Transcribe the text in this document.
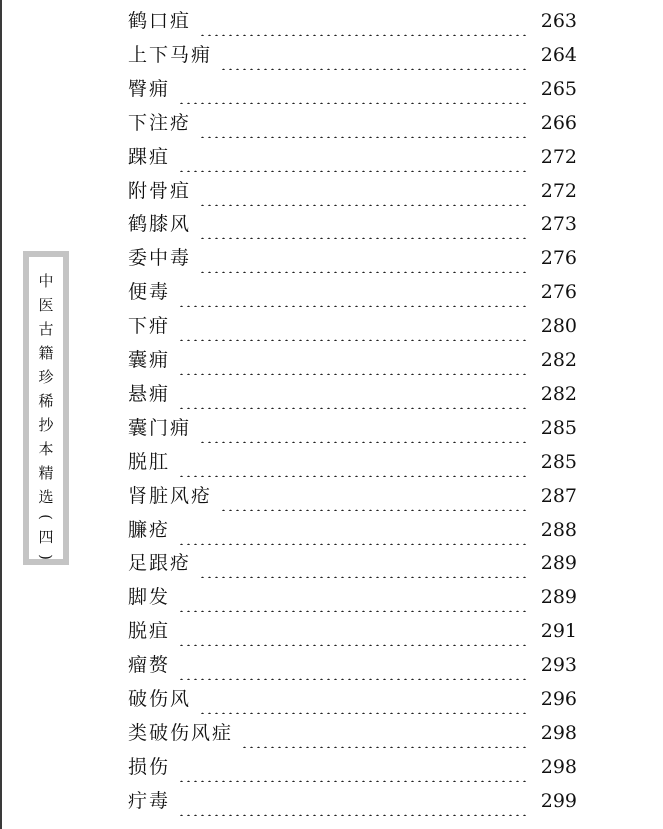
中
医
古
籍
珍
稀
抄
本
精
选
(
四
)
鹤口疽	263
上下马痈	264
臀痈	265
下注疮	266
踝疽	272
附骨疽	272
鹤膝风	273
委中毒	276
便毒	276
下疳	280
囊痈	282
悬痈	282
囊门痈	285
脱肛	285
肾脏风疮	287
臁疮	288
足跟疮	289
脚发	289
脱疽	291
瘤赘	293
破伤风	296
类破伤风症	298
损伤	298
疔毒	299
